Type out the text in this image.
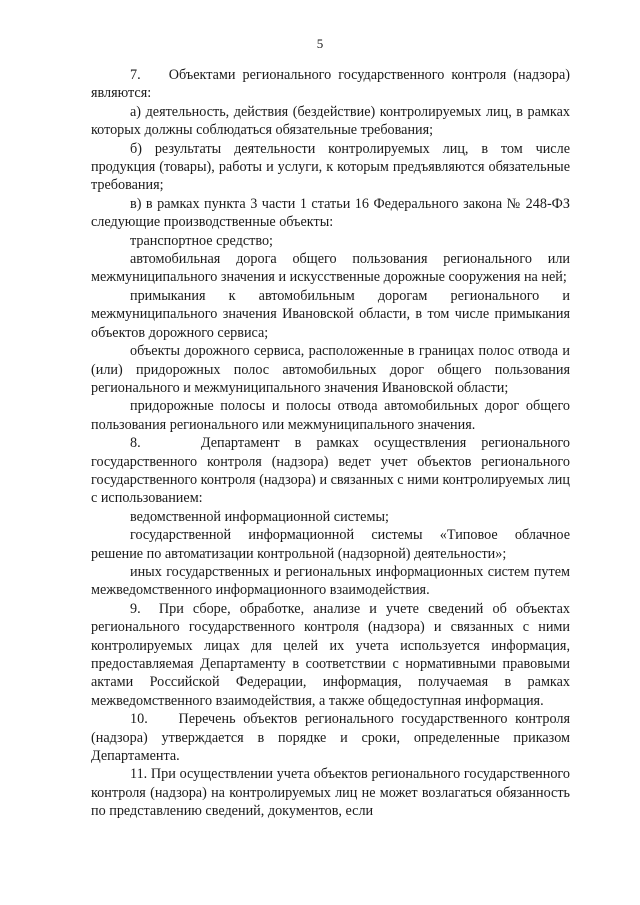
5

7.    Объектами регионального государственного контроля (надзора) являются:

а) деятельность, действия (бездействие) контролируемых лиц, в рамках которых должны соблюдаться обязательные требования;

б) результаты деятельности контролируемых лиц, в том числе продукция (товары), работы и услуги, к которым предъявляются обязательные требования;

в) в рамках пункта 3 части 1 статьи 16 Федерального закона № 248-ФЗ следующие производственные объекты:

транспортное средство;

автомобильная дорога общего пользования регионального или межмуниципального значения и искусственные дорожные сооружения на ней;

примыкания к автомобильным дорогам регионального и межмуниципального значения Ивановской области, в том числе примыкания объектов дорожного сервиса;

объекты дорожного сервиса, расположенные в границах полос отвода и (или) придорожных полос автомобильных дорог общего пользования регионального и межмуниципального значения Ивановской области;

придорожные полосы и полосы отвода автомобильных дорог общего пользования регионального или межмуниципального значения.

8.    Департамент в рамках осуществления регионального государственного контроля (надзора) ведет учет объектов регионального государственного контроля (надзора) и связанных с ними контролируемых лиц с использованием:

ведомственной информационной системы;

государственной информационной системы «Типовое облачное решение по автоматизации контрольной (надзорной) деятельности»;

иных государственных и региональных информационных систем путем межведомственного информационного взаимодействия.

9.  При сборе, обработке, анализе и учете сведений об объектах регионального государственного контроля (надзора) и связанных с ними контролируемых лицах для целей их учета используется информация, предоставляемая Департаменту в соответствии с нормативными правовыми актами Российской Федерации, информация, получаемая в рамках межведомственного взаимодействия, а также общедоступная информация.

10.    Перечень объектов регионального государственного контроля (надзора) утверждается в порядке и сроки, определенные приказом Департамента.

11. При осуществлении учета объектов регионального государственного контроля (надзора) на контролируемых лиц не может возлагаться обязанность по представлению сведений, документов, если
